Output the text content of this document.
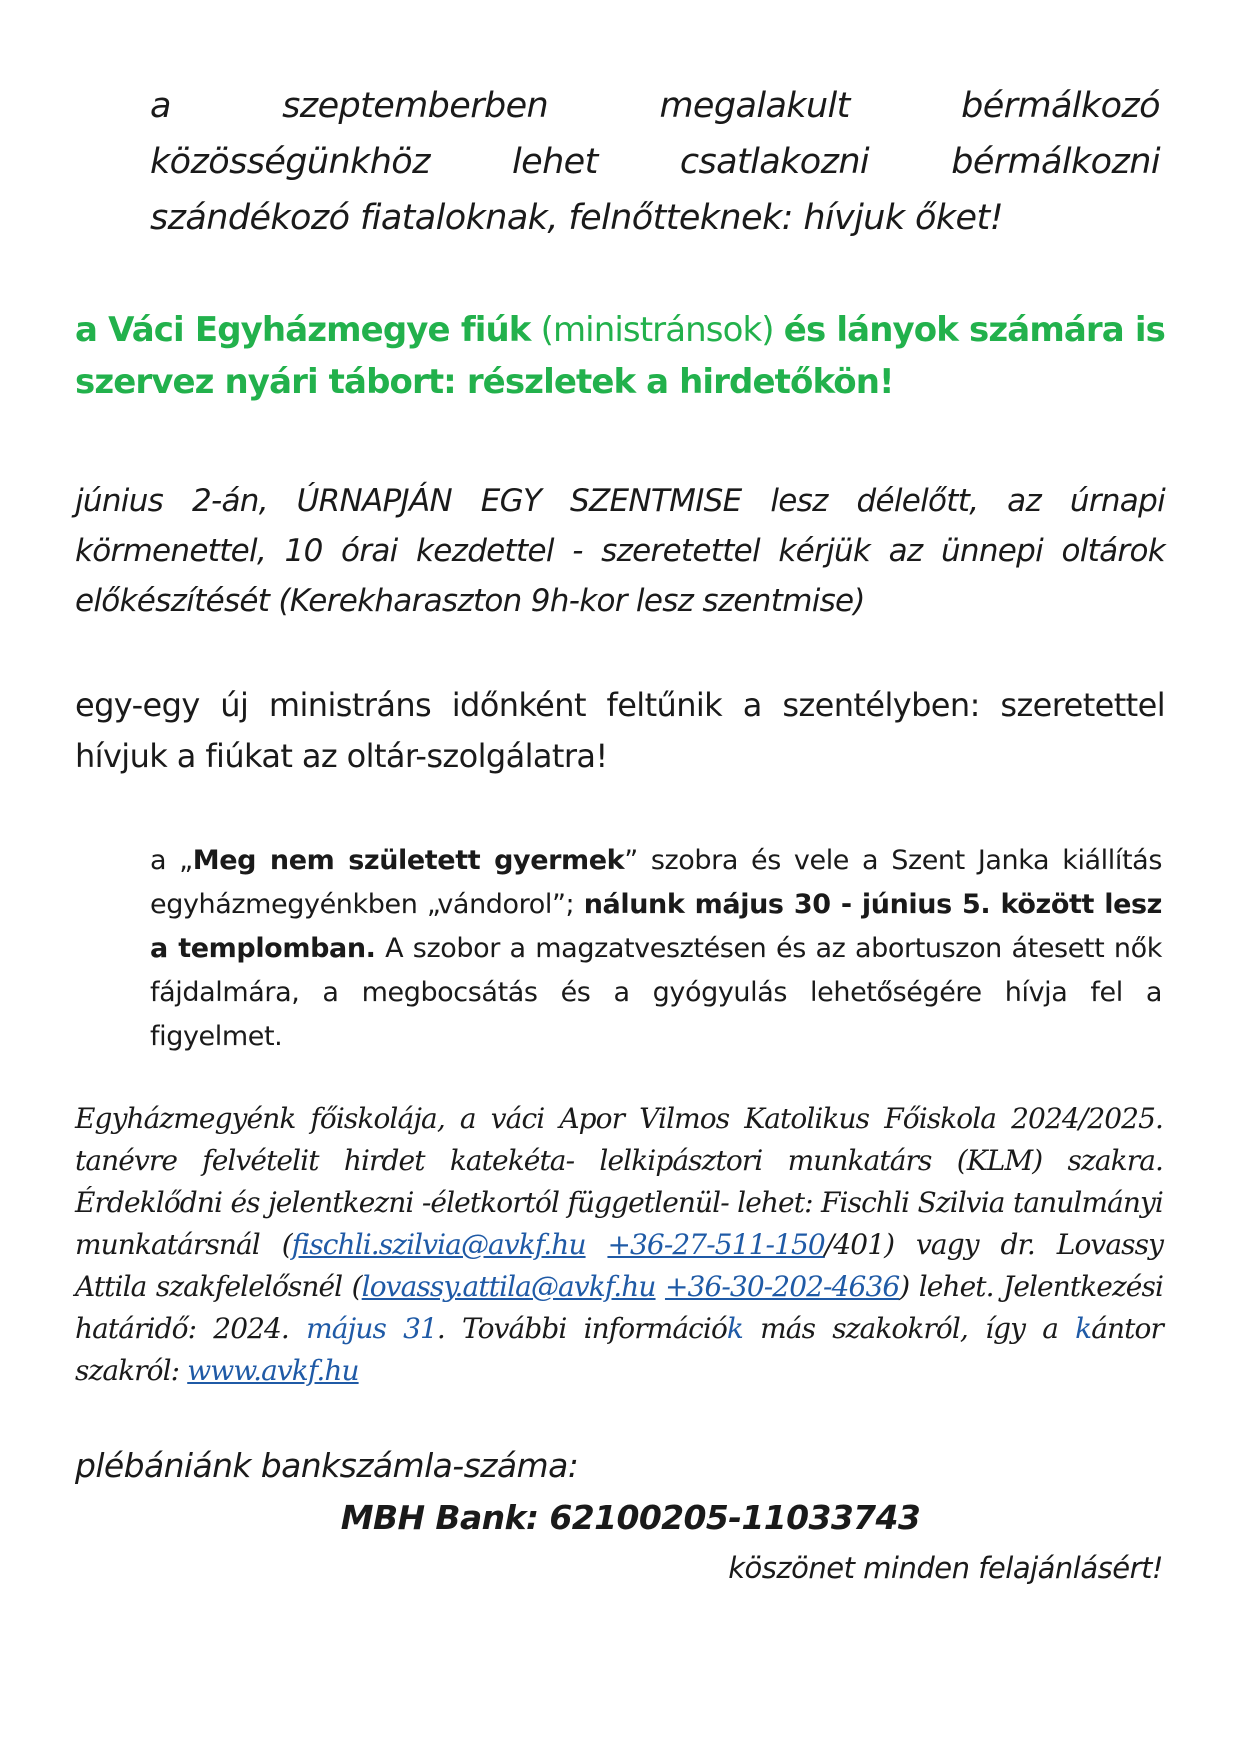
a	szeptemberben	megalakult	bérmálkozó
közösségünkhöz lehet csatlakozni bérmálkozni
szándékozó fiataloknak, felnőtteknek: hívjuk őket!
a Váci Egyházmegye fiúk (ministránsok) és lányok számára is szervez nyári tábort: részletek a hirdetőkön!
június 2-án, ÚRNAPJÁN EGY SZENTMISE lesz délelőtt, az úrnapi körmenettel, 10 órai kezdettel - szeretettel kérjük az ünnepi oltárok előkészítését (Kerekharaszton 9h-kor lesz szentmise)
egy-egy új ministráns időnként feltűnik a szentélyben: szeretettel hívjuk a fiúkat az oltár-szolgálatra!
a „Meg nem született gyermek” szobra és vele a Szent Janka kiállítás egyházmegyénkben „vándorol”; nálunk május 30 - június 5. között lesz a templomban. A szobor a magzatvesztésen és az abortuszon átesett nők fájdalmára, a megbocsátás és a gyógyulás lehetőségére hívja fel a figyelmet.
Egyházmegyénk főiskolája, a váci Apor Vilmos Katolikus Főiskola 2024/2025. tanévre felvételit hirdet katekéta- lelkipásztori munkatárs (KLM) szakra. Érdeklődni és jelentkezni -életkortól függetlenül- lehet: Fischli Szilvia tanulmányi munkatársnál (fischli.szilvia@avkf.hu +36-27-511-150/401) vagy dr. Lovassy Attila szakfelelősnél (lovassy.attila@avkf.hu +36-30-202-4636) lehet. Jelentkezési határidő: 2024. május 31. További információk más szakokról, így a kántor szakról: www.avkf.hu
plébániánk bankszámla-száma:
MBH Bank: 62100205-11033743
köszönet minden felajánlásért!
